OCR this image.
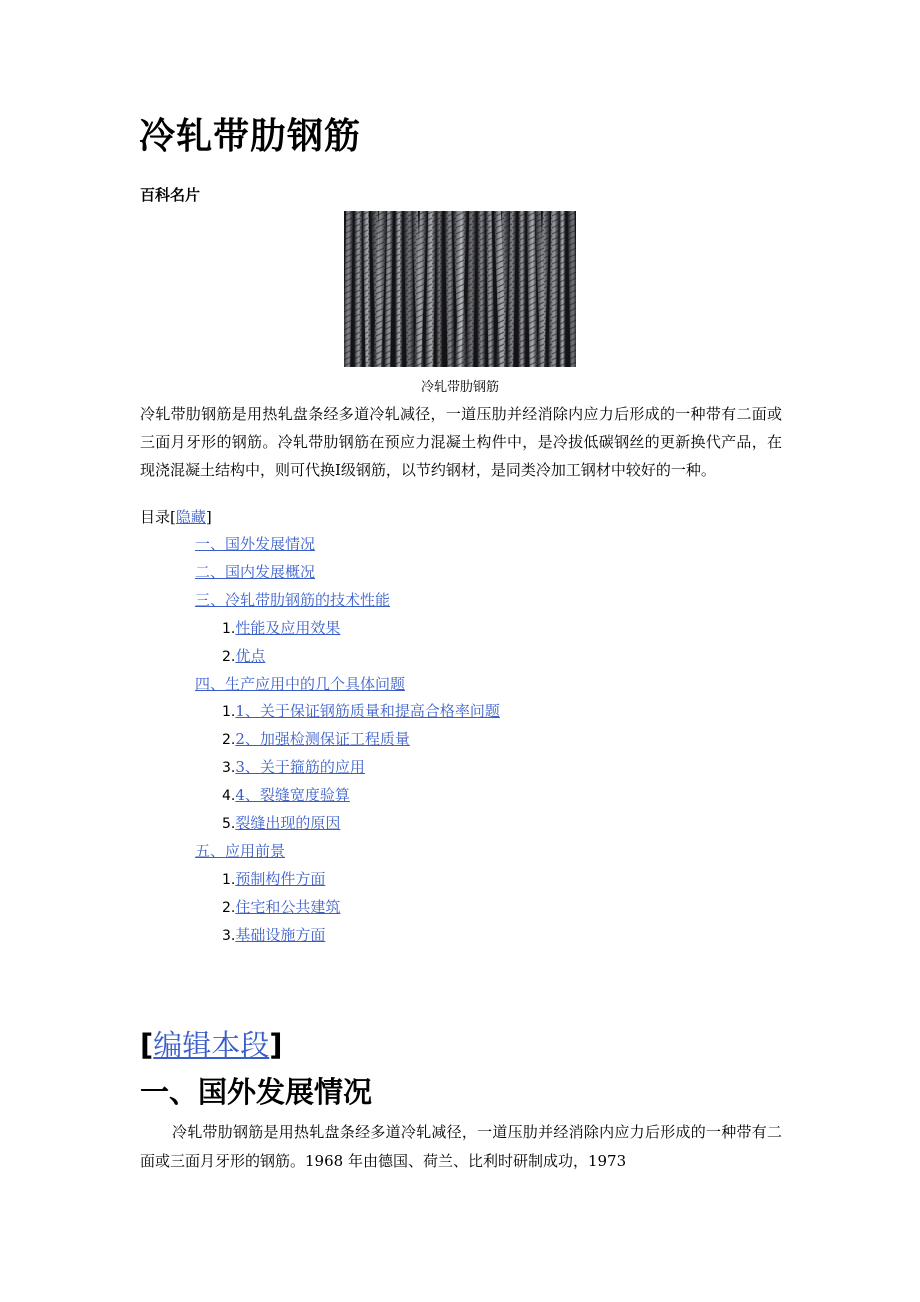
冷轧带肋钢筋
百科名片
冷轧带肋钢筋

冷轧带肋钢筋是用热轧盘条经多道冷轧减径，一道压肋并经消除内应力后形成的一种带有二面或三面月牙形的钢筋。冷轧带肋钢筋在预应力混凝土构件中，是冷拔低碳钢丝的更新换代产品，在现浇混凝土结构中，则可代换Ⅰ级钢筋，以节约钢材，是同类冷加工钢材中较好的一种。

目录[隐藏]
一、国外发展情况
二、国内发展概况
三、冷轧带肋钢筋的技术性能
1.性能及应用效果
2.优点
四、生产应用中的几个具体问题
1.1、关于保证钢筋质量和提高合格率问题
2.2、加强检测保证工程质量
3.3、关于箍筋的应用
4.4、裂缝宽度验算
5.裂缝出现的原因
五、应用前景
1.预制构件方面
2.住宅和公共建筑
3.基础设施方面
[编辑本段]
一、国外发展情况

冷轧带肋钢筋是用热轧盘条经多道冷轧减径，一道压肋并经消除内应力后形成的一种带有二面或三面月牙形的钢筋。1968 年由德国、荷兰、比利时研制成功，1973
